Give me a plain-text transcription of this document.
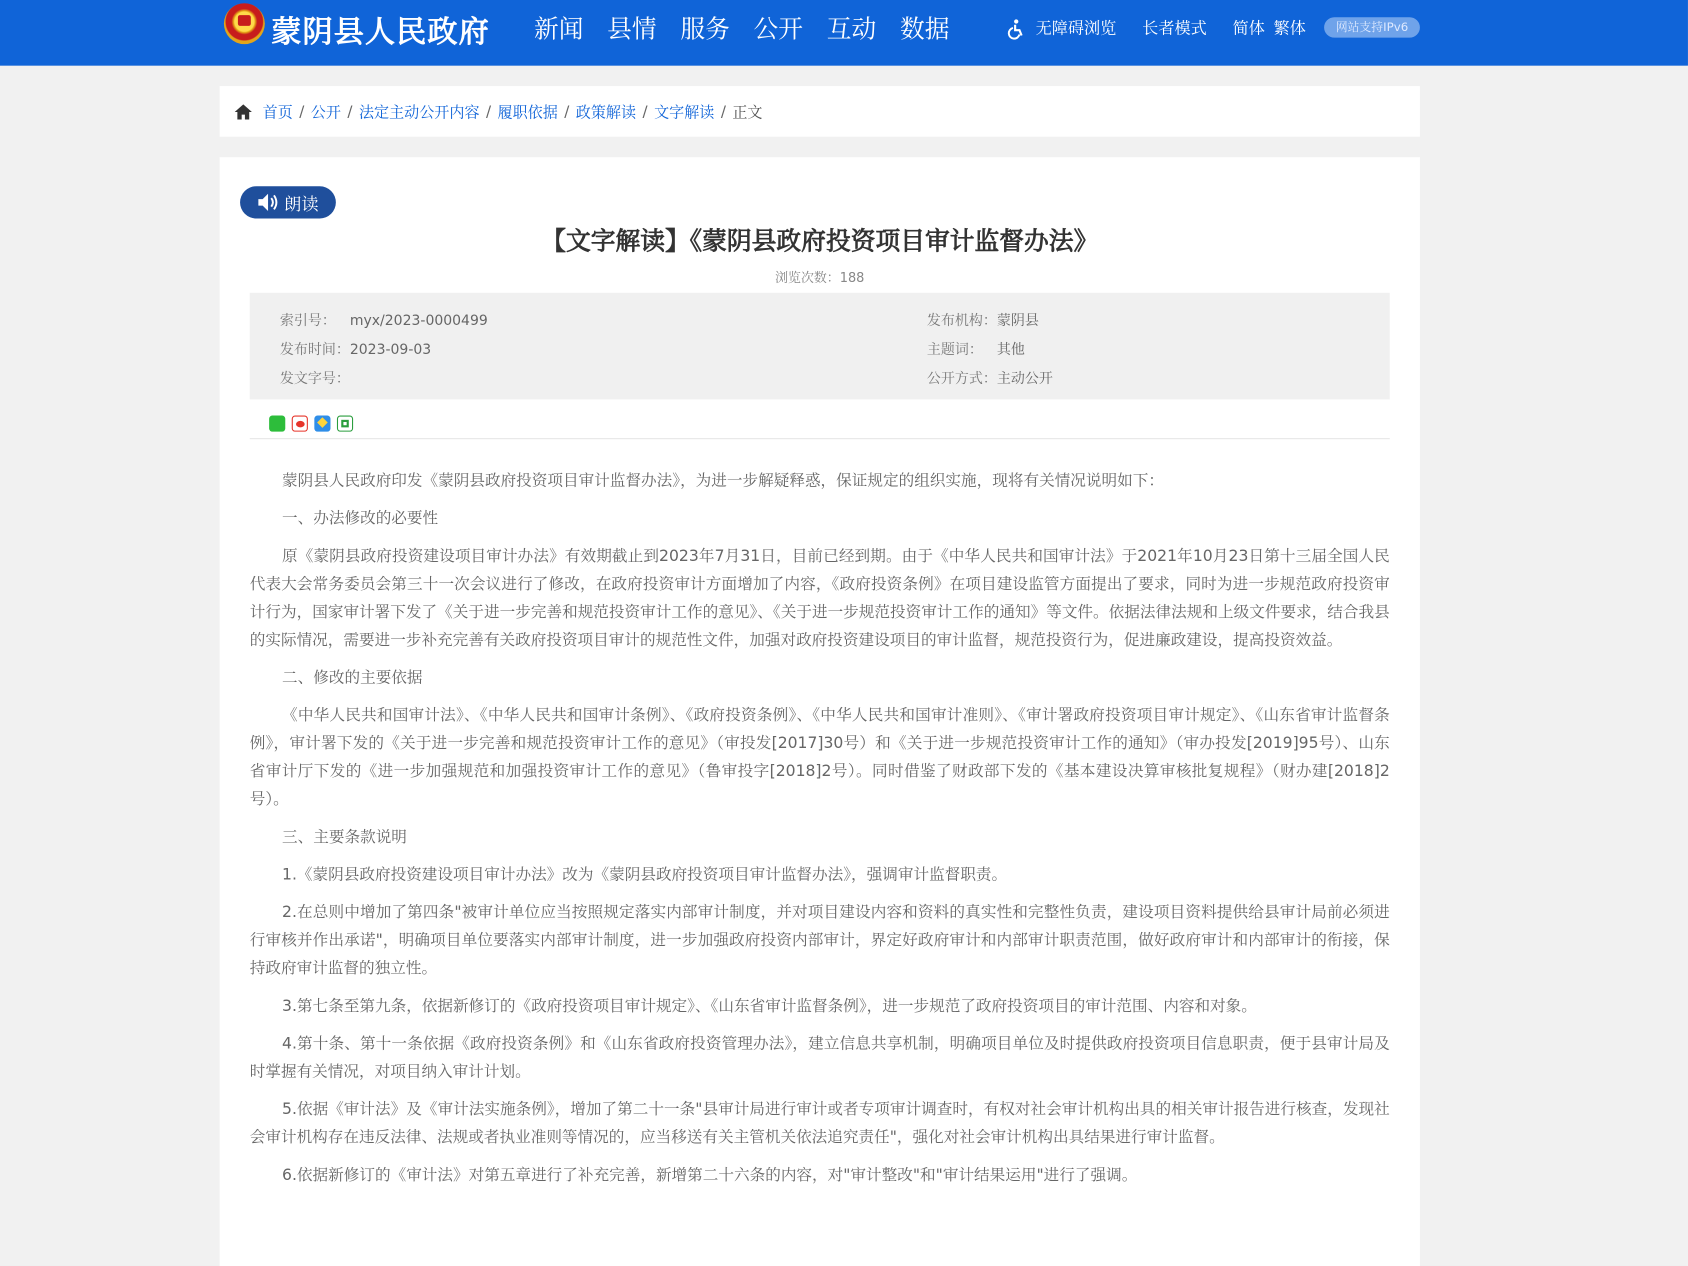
蒙阴县人民政府 新闻 县情 服务 公开 互动 数据	无障碍浏览 长者模式 简体 繁体	网站支持IPv6
首页 / 公开 / 法定主动公开内容 / 履职依据 / 政策解读 / 文字解读 / 正文
朗读
【文字解读】《蒙阴县政府投资项目审计监督办法》
浏览次数：188
索引号： myx/2023-0000499
发布时间：2023-09-03
发文字号：
发布机构：蒙阴县
主题词： 其他
公开方式：主动公开

蒙阴县人民政府印发《蒙阴县政府投资项目审计监督办法》，为进一步解疑释惑，保证规定的组织实施，现将有关情况说明如下：

一、办法修改的必要性

原《蒙阴县政府投资建设项目审计办法》有效期截止到2023年7月31日，目前已经到期。由于《中华人民共和国审计法》于2021年10月23日第十三届全国人民代表大会常务委员会第三十一次会议进行了修改，在政府投资审计方面增加了内容，《政府投资条例》在项目建设监管方面提出了要求，同时为进一步规范政府投资审计行为，国家审计署下发了《关于进一步完善和规范投资审计工作的意见》、《关于进一步规范投资审计工作的通知》等文件。依据法律法规和上级文件要求，结合我县的实际情况，需要进一步补充完善有关政府投资项目审计的规范性文件，加强对政府投资建设项目的审计监督，规范投资行为，促进廉政建设，提高投资效益。

二、修改的主要依据

《中华人民共和国审计法》、《中华人民共和国审计条例》、《政府投资条例》、《中华人民共和国审计准则》、《审计署政府投资项目审计规定》、《山东省审计监督条例》，审计署下发的《关于进一步完善和规范投资审计工作的意见》（审投发[2017]30号）和《关于进一步规范投资审计工作的通知》（审办投发[2019]95号）、山东省审计厅下发的《进一步加强规范和加强投资审计工作的意见》（鲁审投字[2018]2号）。同时借鉴了财政部下发的《基本建设决算审核批复规程》（财办建[2018]2号）。

三、主要条款说明

1.《蒙阴县政府投资建设项目审计办法》改为《蒙阴县政府投资项目审计监督办法》，强调审计监督职责。

2.在总则中增加了第四条"被审计单位应当按照规定落实内部审计制度，并对项目建设内容和资料的真实性和完整性负责，建设项目资料提供给县审计局前必须进行审核并作出承诺"，明确项目单位要落实内部审计制度，进一步加强政府投资内部审计，界定好政府审计和内部审计职责范围，做好政府审计和内部审计的衔接，保持政府审计监督的独立性。

3.第七条至第九条，依据新修订的《政府投资项目审计规定》、《山东省审计监督条例》，进一步规范了政府投资项目的审计范围、内容和对象。

4.第十条、第十一条依据《政府投资条例》和《山东省政府投资管理办法》，建立信息共享机制，明确项目单位及时提供政府投资项目信息职责，便于县审计局及时掌握有关情况，对项目纳入审计计划。

5.依据《审计法》及《审计法实施条例》，增加了第二十一条"县审计局进行审计或者专项审计调查时，有权对社会审计机构出具的相关审计报告进行核查，发现社会审计机构存在违反法律、法规或者执业准则等情况的，应当移送有关主管机关依法追究责任"，强化对社会审计机构出具结果进行审计监督。

6.依据新修订的《审计法》对第五章进行了补充完善，新增第二十六条的内容，对"审计整改"和"审计结果运用"进行了强调。
